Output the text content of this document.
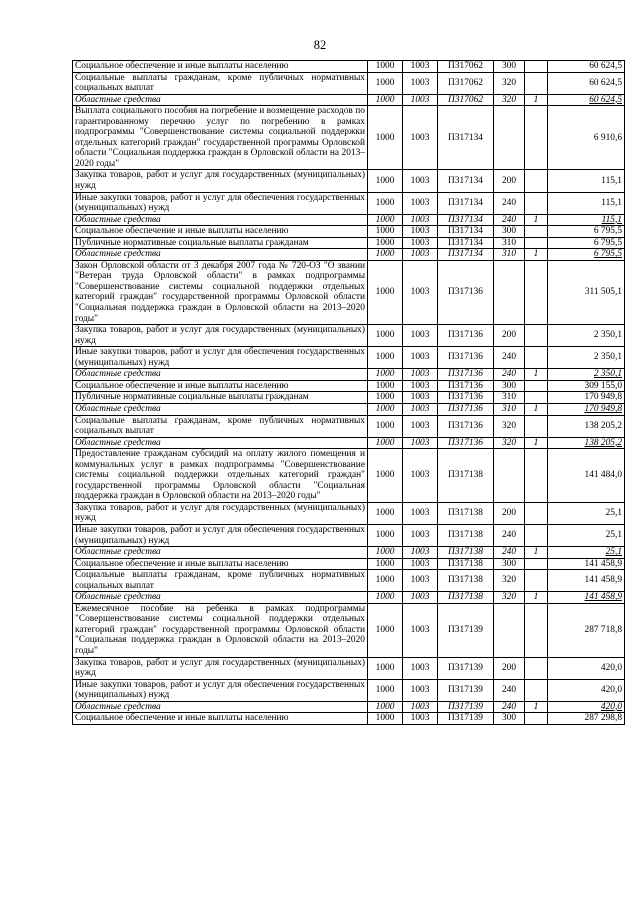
82
Социальное обеспечение и иные выплаты населению	1000	1003	П317062	300		60 624,5
Социальные выплаты гражданам, кроме публичных нормативных социальных выплат	1000	1003	П317062	320		60 624,5
Областные средства	1000	1003	П317062	320	1	60 624,5
Выплата социального пособия на погребение и возмещение расходов по гарантированному перечню услуг по погребению в рамках подпрограммы "Совершенствование системы социальной поддержки отдельных категорий граждан" государственной программы Орловской области "Социальная поддержка граждан в Орловской области на 2013–2020 годы"	1000	1003	П317134			6 910,6
Закупка товаров, работ и услуг для государственных (муниципальных) нужд	1000	1003	П317134	200		115,1
Иные закупки товаров, работ и услуг для обеспечения государственных (муниципальных) нужд	1000	1003	П317134	240		115,1
Областные средства	1000	1003	П317134	240	1	115,1
Социальное обеспечение и иные выплаты населению	1000	1003	П317134	300		6 795,5
Публичные нормативные социальные выплаты гражданам	1000	1003	П317134	310		6 795,5
Областные средства	1000	1003	П317134	310	1	6 795,5
Закон Орловской области от 3 декабря 2007 года № 720-ОЗ "О звании "Ветеран труда Орловской области" в рамках подпрограммы "Совершенствование системы социальной поддержки отдельных категорий граждан" государственной программы Орловской области "Социальная поддержка граждан в Орловской области на 2013–2020 годы"	1000	1003	П317136			311 505,1
Закупка товаров, работ и услуг для государственных (муниципальных) нужд	1000	1003	П317136	200		2 350,1
Иные закупки товаров, работ и услуг для обеспечения государственных (муниципальных) нужд	1000	1003	П317136	240		2 350,1
Областные средства	1000	1003	П317136	240	1	2 350,1
Социальное обеспечение и иные выплаты населению	1000	1003	П317136	300		309 155,0
Публичные нормативные социальные выплаты гражданам	1000	1003	П317136	310		170 949,8
Областные средства	1000	1003	П317136	310	1	170 949,8
Социальные выплаты гражданам, кроме публичных нормативных социальных выплат	1000	1003	П317136	320		138 205,2
Областные средства	1000	1003	П317136	320	1	138 205,2
Предоставление гражданам субсидий на оплату жилого помещения и коммунальных услуг в рамках подпрограммы "Совершенствование системы социальной поддержки отдельных категорий граждан" государственной программы Орловской области "Социальная поддержка граждан в Орловской области на 2013–2020 годы"	1000	1003	П317138			141 484,0
Закупка товаров, работ и услуг для государственных (муниципальных) нужд	1000	1003	П317138	200		25,1
Иные закупки товаров, работ и услуг для обеспечения государственных (муниципальных) нужд	1000	1003	П317138	240		25,1
Областные средства	1000	1003	П317138	240	1	25,1
Социальное обеспечение и иные выплаты населению	1000	1003	П317138	300		141 458,9
Социальные выплаты гражданам, кроме публичных нормативных социальных выплат	1000	1003	П317138	320		141 458,9
Областные средства	1000	1003	П317138	320	1	141 458,9
Ежемесячное пособие на ребенка в рамках подпрограммы "Совершенствование системы социальной поддержки отдельных категорий граждан" государственной программы Орловской области "Социальная поддержка граждан в Орловской области на 2013–2020 годы"	1000	1003	П317139			287 718,8
Закупка товаров, работ и услуг для государственных (муниципальных) нужд	1000	1003	П317139	200		420,0
Иные закупки товаров, работ и услуг для обеспечения государственных (муниципальных) нужд	1000	1003	П317139	240		420,0
Областные средства	1000	1003	П317139	240	1	420,0
Социальное обеспечение и иные выплаты населению	1000	1003	П317139	300		287 298,8
